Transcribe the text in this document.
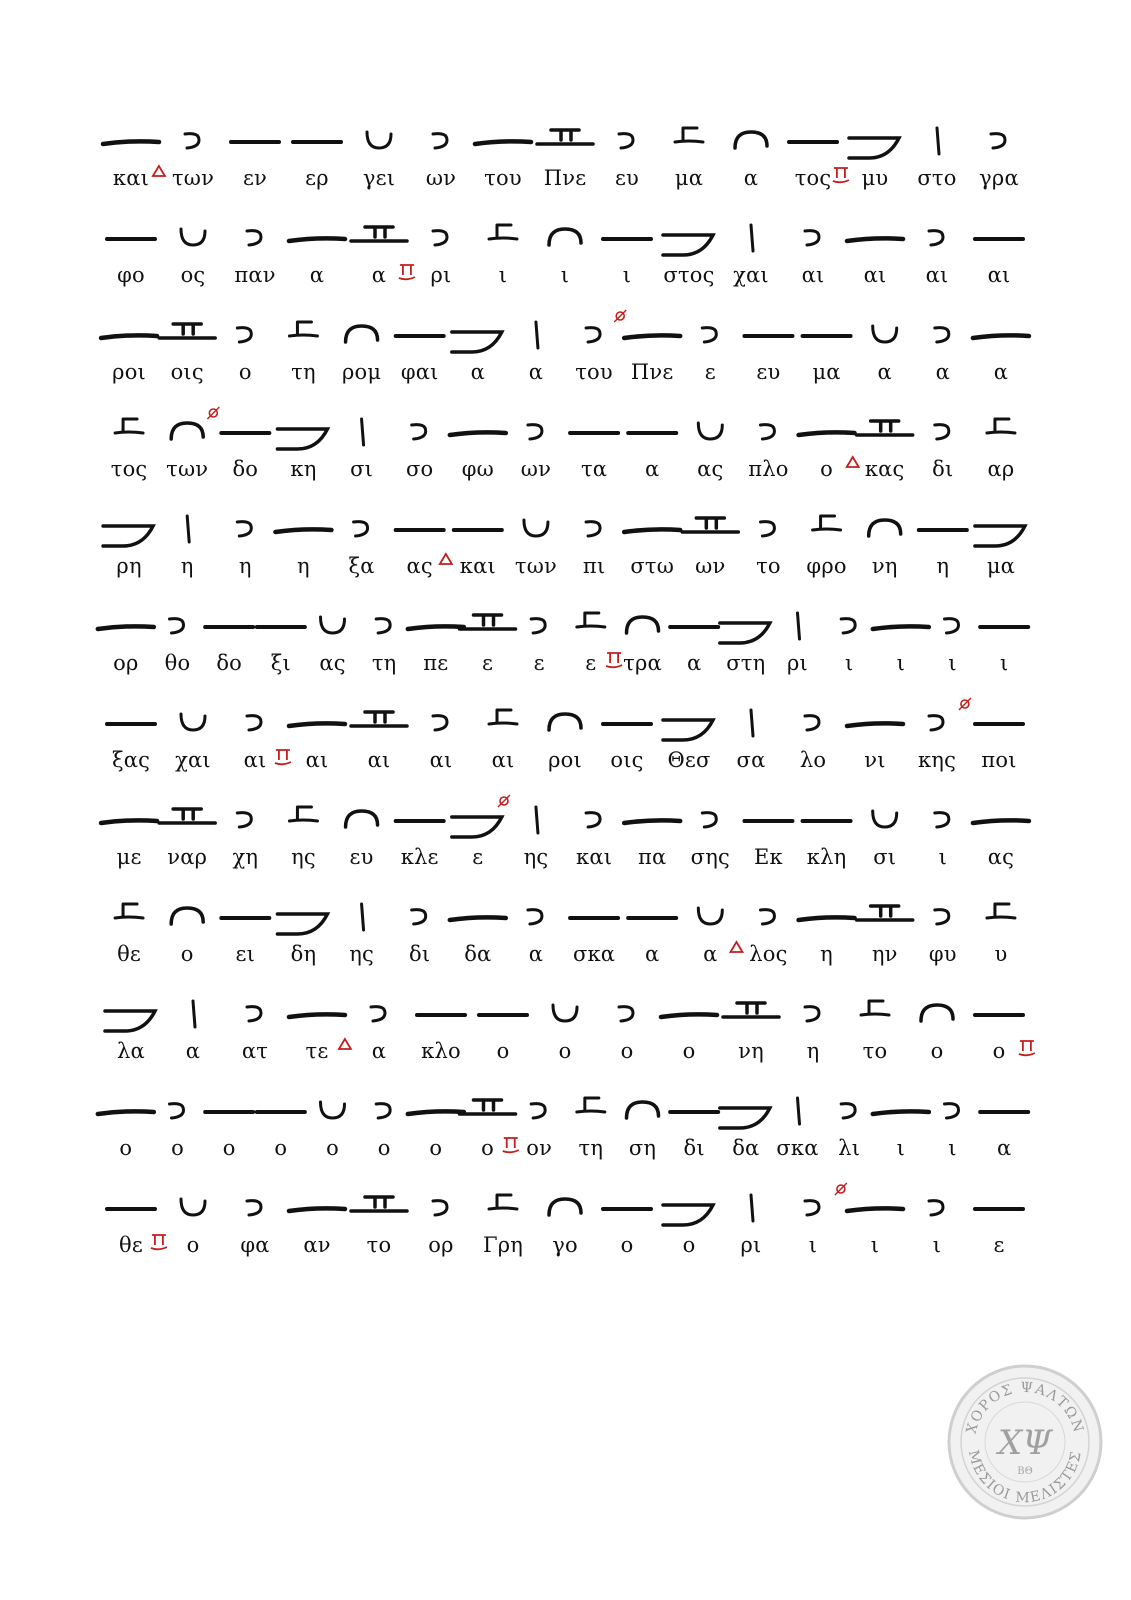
και των εν ερ γει ων του Πνε ευ μα α τος μυ στο γρα
φο ος παν α α ρι ι	ι	ι στος χαι αι αι αι αι
ροι οις ο τη ρομ φαι α α του Πνε ε ευ μα α α α
τος των δο κη σι σο φω ων τα α ας πλο ο κας δι αρ
ρη η η η ξα ας και των πι στω ων το φρο νη η μα
ορ θο δο ξι ας τη πε ε ε ε τρα α στη ρι ι ι ι ι
ξας χαι αι αι αι αι αι ροι οις Θεσ σα λο νι κης ποι
με ναρ χη ης ευ κλε ε ης και πα σης Εκ κλη σι ι ας
θε ο ει δη ης δι δα α σκα α α λος η ην φυ υ
λα α ατ τε α κλο ο ο ο ο νη η το ο ο
ο ο ο ο ο ο ο ο ον τη ση δι δα σκα λι ι ι α
θε ο φα αν το ορ Γρη γο ο ο ρι ι	ι	ι ε
ΧΟΡΟΣ ΨΑΛΤΩΝ
ΜΕΣΙΟΙ ΜΕΛΙΣΤΕΣ
ΧΨ
ΒΘ
